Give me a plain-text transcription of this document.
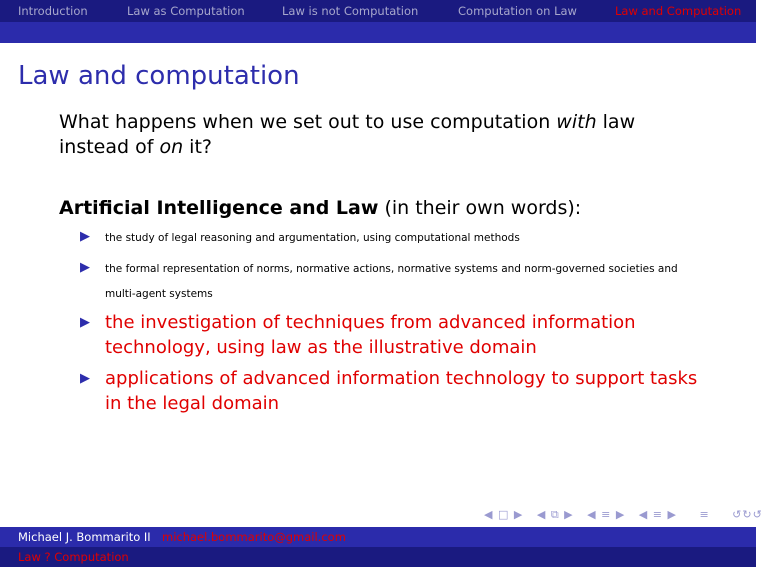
Introduction	Law as Computation	Law is not Computation	Computation on Law	Law and Computation
Law and computation
What happens when we set out to use computation with law instead of on it?
Artificial Intelligence and Law (in their own words):
▶ the study of legal reasoning and argumentation, using computational methods
▶ the formal representation of norms, normative actions, normative systems and norm-governed societies and multi-agent systems
▶ the investigation of techniques from advanced information technology, using law as the illustrative domain
▶ applications of advanced information technology to support tasks in the legal domain
◀ □ ▶ ◀ ⧉ ▶ ◀ ≡ ▶ ◀ ≡ ▶ ≡ ↺↻↺
Michael J. Bommarito II michael.bommarito@gmail.com
Law ? Computation
